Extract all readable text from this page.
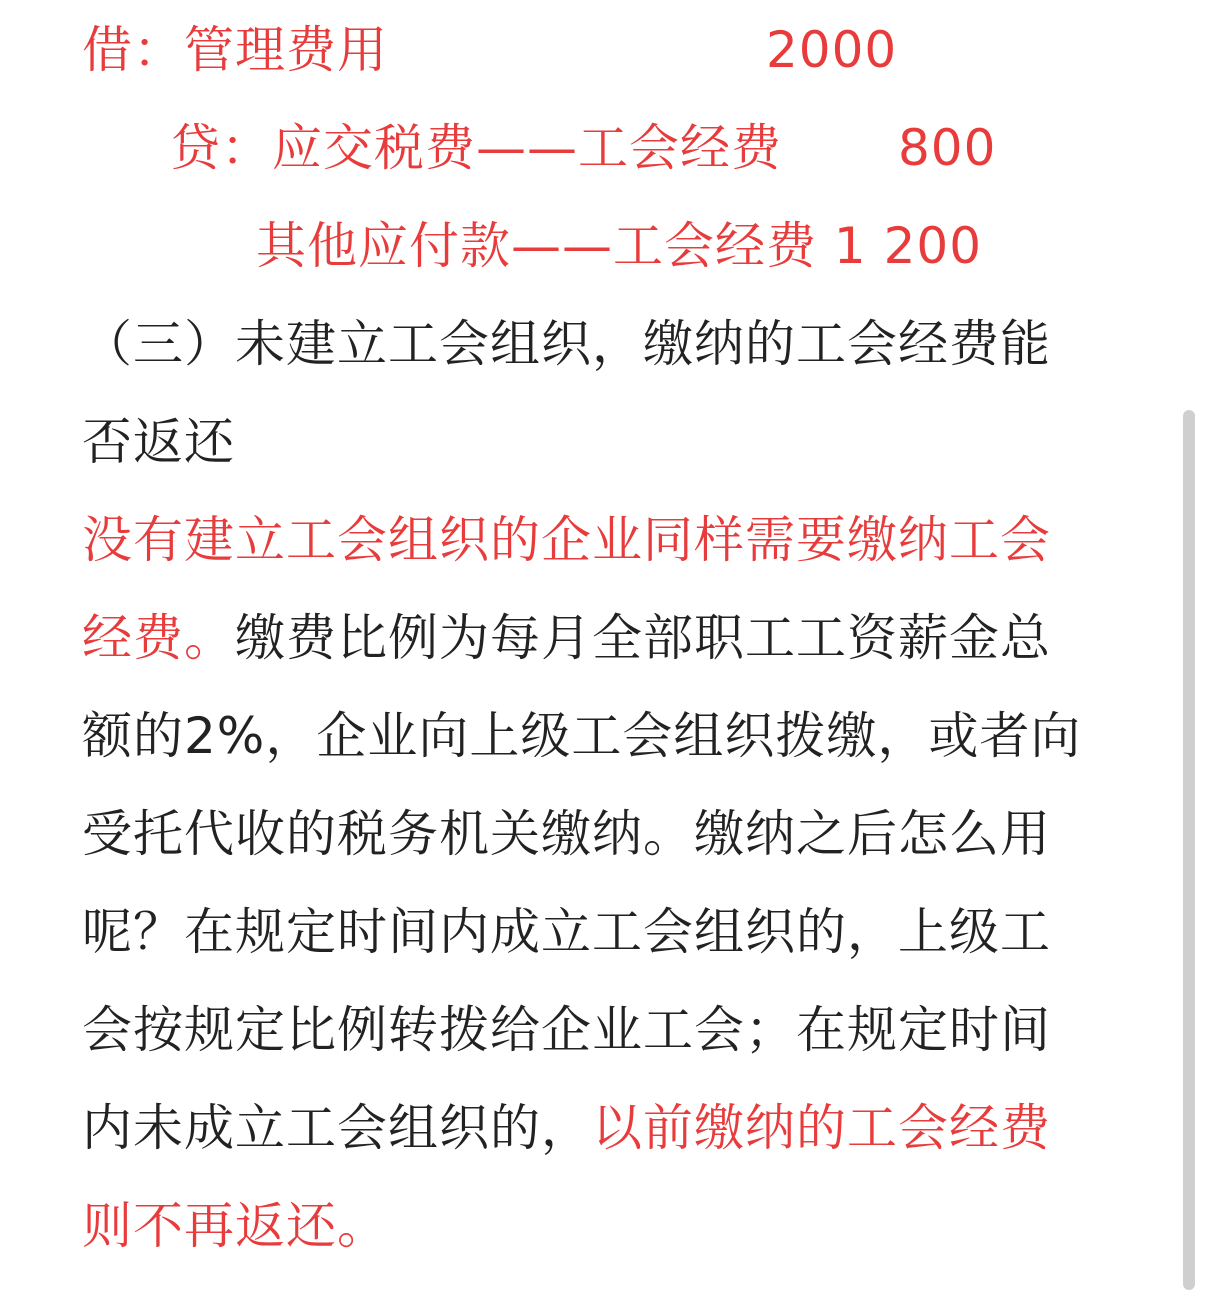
借：管理费用	2000
贷：应交税费——工会经费 800
其他应付款——工会经费 1 200
（三）未建立工会组织，缴纳的工会经费能
否返还
没有建立工会组织的企业同样需要缴纳工会
经费。缴费比例为每月全部职工工资薪金总
额的2%，企业向上级工会组织拨缴，或者向
受托代收的税务机关缴纳。缴纳之后怎么用
呢？在规定时间内成立工会组织的，上级工
会按规定比例转拨给企业工会；在规定时间
内未成立工会组织的，以前缴纳的工会经费
则不再返还。
